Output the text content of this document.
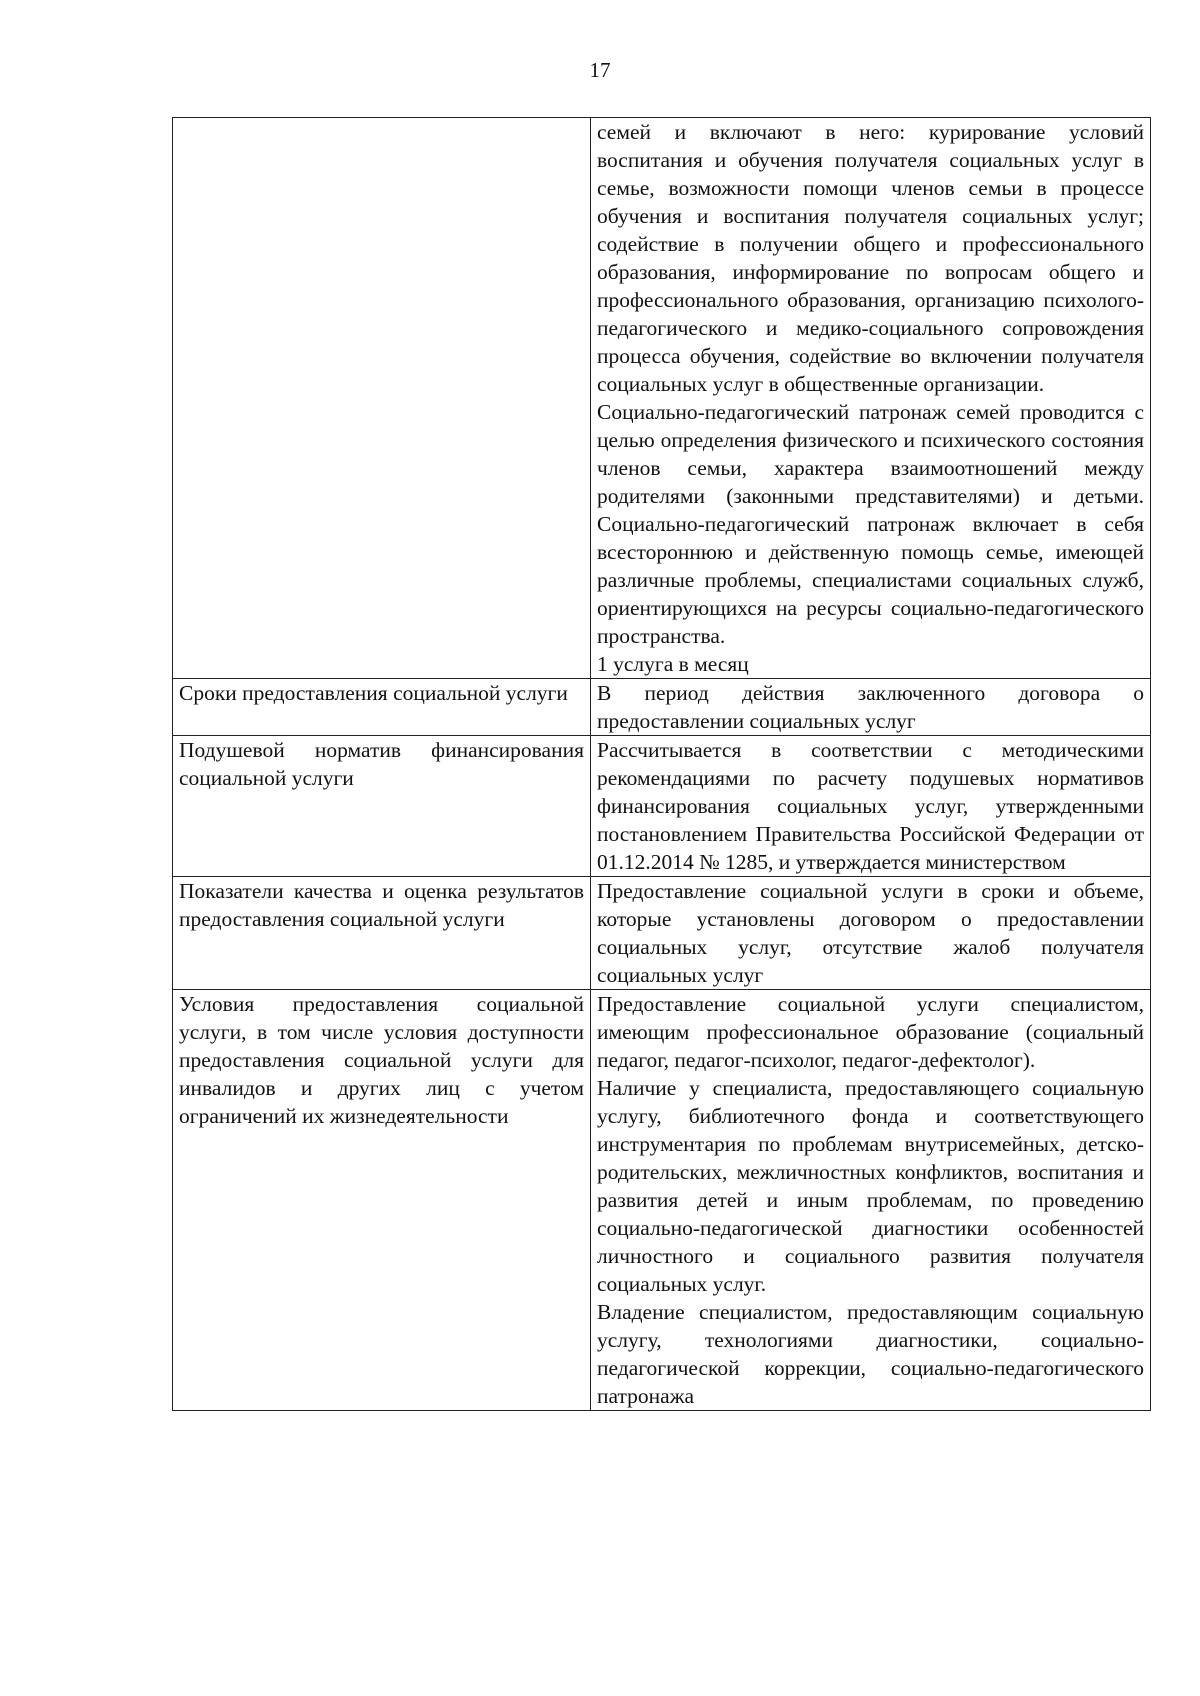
17

	семей и включают в него: курирование условий воспитания и обучения получателя социальных услуг в семье, возможности помощи членов семьи в процессе обучения и воспитания получателя социальных услуг; содействие в получении общего и профессионального образования, информирование по вопросам общего и профессионального образования, организацию психолого-педагогического и медико-социального сопровождения процесса обучения, содействие во включении получателя социальных услуг в общественные организации.

Социально-педагогический патронаж семей проводится с целью определения физического и психического состояния членов семьи, характера взаимоотношений между родителями (законными представителями) и детьми. Социально-педагогический патронаж включает в себя всестороннюю и действенную помощь семье, имеющей различные проблемы, специалистами социальных служб, ориентирующихся на ресурсы социально-педагогического пространства.

1 услуга в месяц

Сроки предоставления социальной услуги	В период действия заключенного договора о предоставлении социальных услуг

Подушевой норматив финансирования социальной услуги	Рассчитывается в соответствии с методическими рекомендациями по расчету подушевых нормативов финансирования социальных услуг, утвержденными постановлением Правительства Российской Федерации от 01.12.2014 № 1285, и утверждается министерством

Показатели качества и оценка результатов предоставления социальной услуги	Предоставление социальной услуги в сроки и объеме, которые установлены договором о предоставлении социальных услуг, отсутствие жалоб получателя социальных услуг

Условия предоставления социальной услуги, в том числе условия доступности предоставления социальной услуги для инвалидов и других лиц с учетом ограничений их жизнедеятельности	Предоставление социальной услуги специалистом, имеющим профессиональное образование (социальный педагог, педагог-психолог, педагог-дефектолог).

Наличие у специалиста, предоставляющего социальную услугу, библиотечного фонда и соответствующего инструментария по проблемам внутрисемейных, детско-родительских, межличностных конфликтов, воспитания и развития детей и иным проблемам, по проведению социально-педагогической диагностики особенностей личностного и социального развития получателя социальных услуг.

Владение специалистом, предоставляющим социальную услугу, технологиями диагностики, социально-педагогической коррекции, социально-педагогического патронажа
